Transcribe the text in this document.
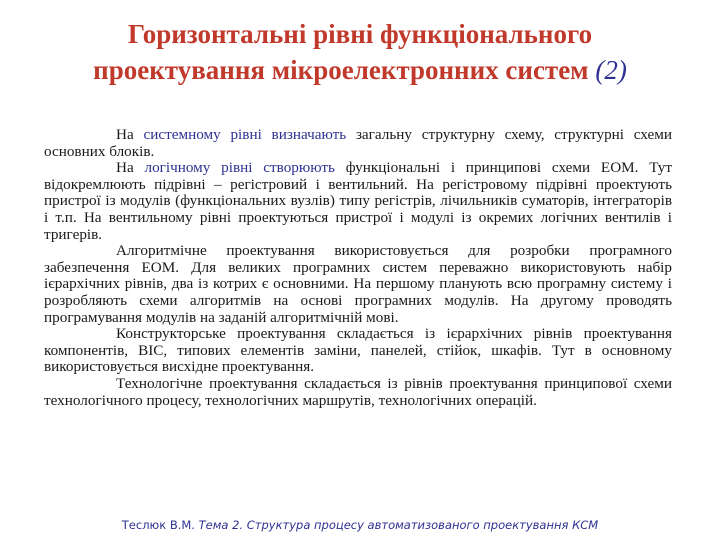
Горизонтальні рівні функціонального
проектування мікроелектронних систем (2)

На системному рівні визначають загальну структурну схему, структурні схеми основних блоків.

На логічному рівні створюють функціональні і принципові схеми ЕОМ. Тут відокремлюють підрівні – регістровий і вентильний. На регістровому підрівні проектують пристрої із модулів (функціональних вузлів) типу регістрів, лічильників суматорів, інтеграторів і т.п. На вентильному рівні проектуються пристрої і модулі із окремих логічних вентилів і тригерів.

Алгоритмічне проектування використовується для розробки програмного забезпечення ЕОМ. Для великих програмних систем переважно використовують набір ієрархічних рівнів, два із котрих є основними. На першому планують всю програмну систему і розробляють схеми алгоритмів на основі програмних модулів. На другому проводять програмування модулів на заданій алгоритмічній мові.

Конструкторське проектування складається із ієрархічних рівнів проектування компонентів, ВІС, типових елементів заміни, панелей, стійок, шкафів. Тут в основному використовується висхідне проектування.

Технологічне проектування складається із рівнів проектування принципової схеми технологічного процесу, технологічних маршрутів, технологічних операцій.

Теслюк В.М. Тема 2. Структура процесу автоматизованого проектування КСМ
